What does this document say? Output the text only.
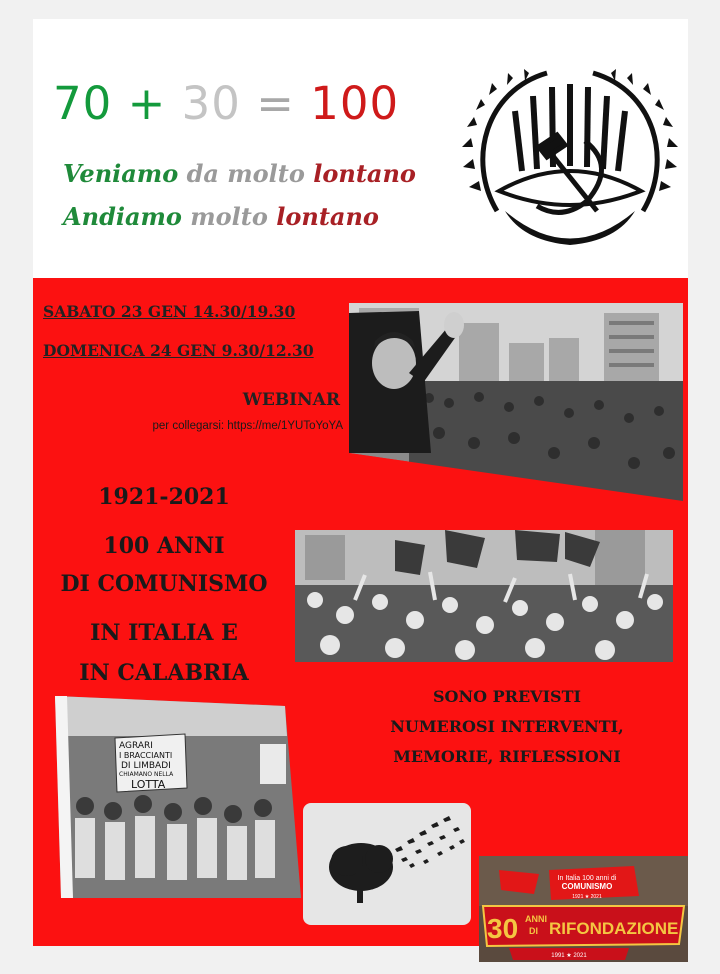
70 + 30 = 100
Veniamo da molto lontano
Andiamo molto lontano
SABATO 23 GEN 14.30/19.30
DOMENICA 24 GEN 9.30/12.30
WEBINAR
per collegarsi: https://me/1YUToYoYA
1921-2021
100 ANNI
DI COMUNISMO
IN ITALIA E
IN CALABRIA
SONO PREVISTI
NUMEROSI INTERVENTI,
MEMORIE, RIFLESSIONI
AGRARI
I BRACCIANTI
DI LIMBADI
CHIAMANO NELLA
LOTTA
In Italia 100 anni di
COMUNISMO
1921 ★ 2021
30 ANNI
DI RIFONDAZIONE
1991 ★ 2021
